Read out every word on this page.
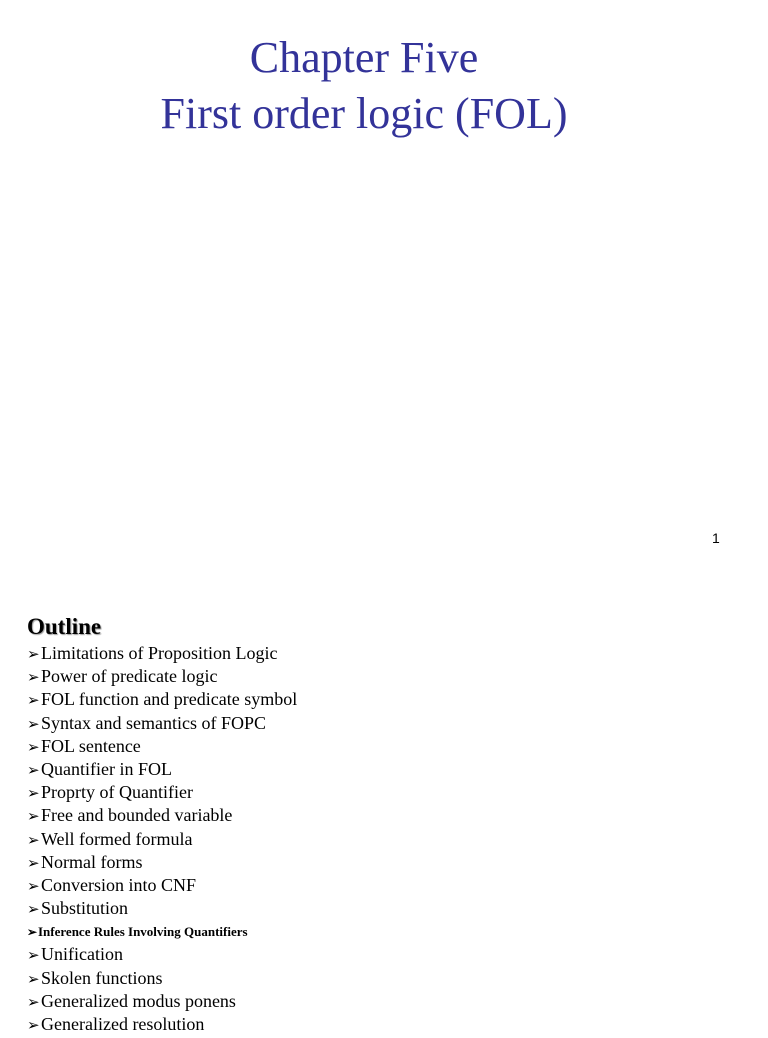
Chapter Five
First order logic (FOL)
1
Outline
➢ Limitations of Proposition Logic
➢ Power of predicate logic
➢ FOL function and predicate symbol
➢ Syntax and semantics of FOPC
➢ FOL sentence
➢ Quantifier in FOL
➢ Proprty of Quantifier
➢ Free and bounded variable
➢ Well formed formula
➢ Normal forms
➢ Conversion into CNF
➢ Substitution
➢ Inference Rules Involving Quantifiers
➢ Unification
➢ Skolen functions
➢ Generalized modus ponens
➢ Generalized resolution
